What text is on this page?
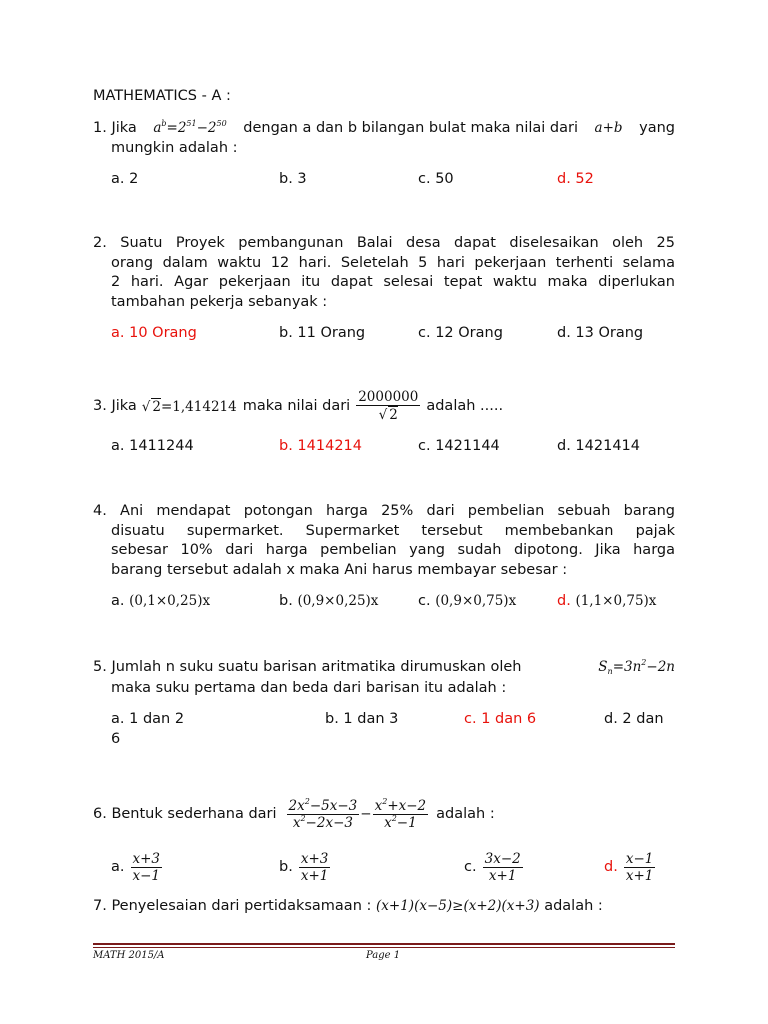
MATHEMATICS - A :
1. Jika $a^b=2^{51}-2^{50}$ dengan a dan b bilangan bulat maka nilai dari a+b yang
mungkin adalah :
a. 2	b. 3	c. 50	d. 52
2. Suatu Proyek pembangunan Balai desa dapat diselesaikan oleh 25
orang dalam waktu 12 hari. Seletelah 5 hari pekerjaan terhenti selama
2 hari. Agar pekerjaan itu dapat selesai tepat waktu maka diperlukan
tambahan pekerja sebanyak :
a. 10 Orang	b. 11 Orang	c. 12 Orang	d. 13 Orang
3. Jika √ 2=1,414214 maka nilai dari $\frac{2000000}{√ 2}$ adalah .....
a. 1411244	b. 1414214	c. 1421144	d. 1421414
4. Ani mendapat potongan harga 25% dari pembelian sebuah barang
disuatu supermarket. Supermarket tersebut membebankan pajak
sebesar 10% dari harga pembelian yang sudah dipotong. Jika harga
barang tersebut adalah x maka Ani harus membayar sebesar :
a. (0,1×0,25)x	b. (0,9×0,25)x	c. (0,9×0,75)x	d. (1,1×0,75)x
5. Jumlah n suku suatu barisan aritmatika dirumuskan oleh	$S_n=3n^2-2n$
maka suku pertama dan beda dari barisan itu adalah :
a. 1 dan 2	b. 1 dan 3	c. 1 dan 6	d. 2 dan
6
6. Bentuk sederhana dari $\frac{2x^2-5x-3}{x^2-2x-3} - \frac{x^2+x-2}{x^2-1}$ adalah :
a. $\frac{x+3}{x-1}$	b. $\frac{x+3}{x+1}$	c. $\frac{3x-2}{x+1}$	d. $\frac{x-1}{x+1}$
7. Penyelesaian dari pertidaksamaan : (x+1)(x−5)≥(x+2)(x+3) adalah :
MATH 2015/A	Page 1
